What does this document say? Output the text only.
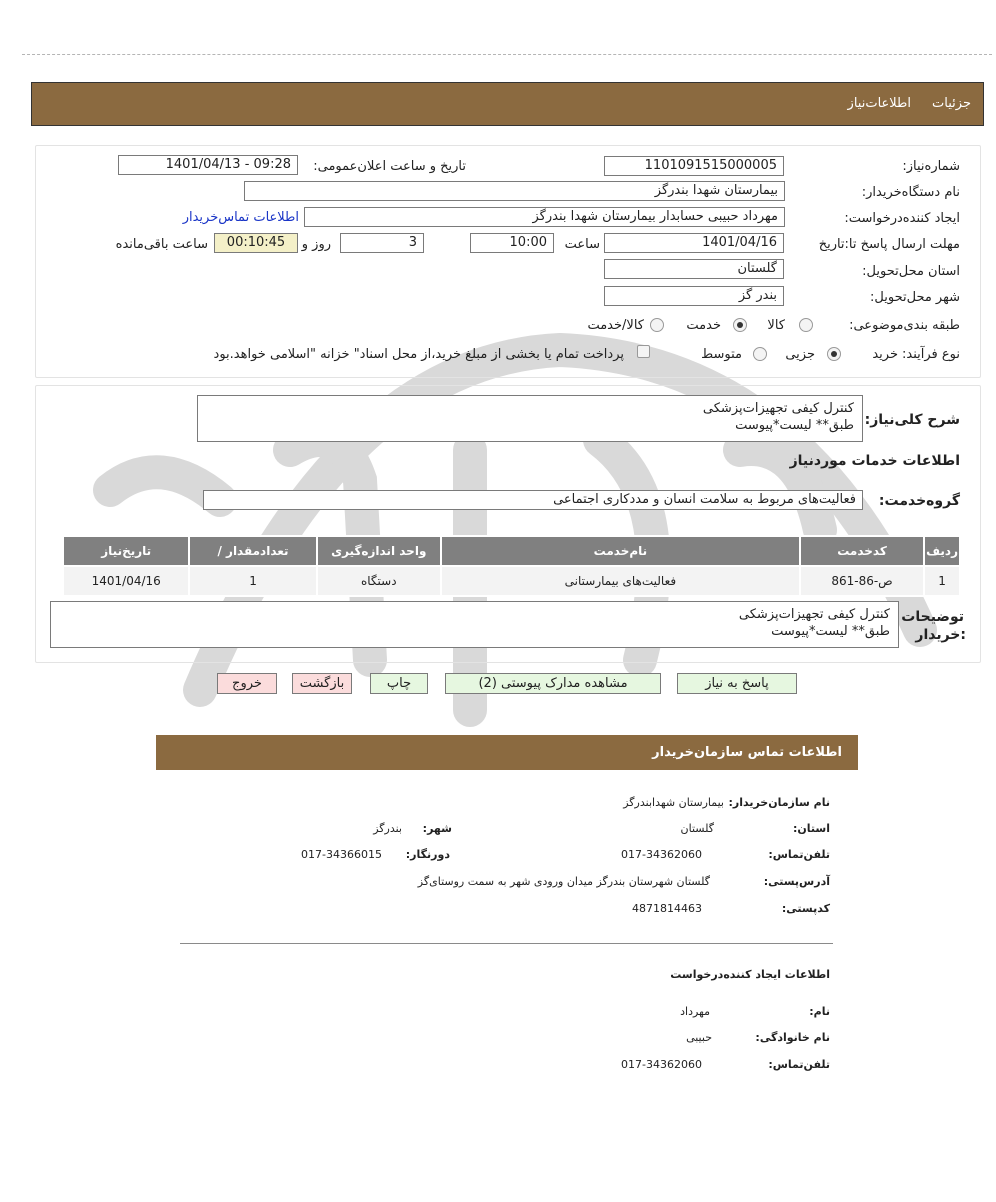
جزئیات
اطلاعات‌نیاز
شماره‌نیاز:
1101091515000005
تاریخ و ساعت اعلان‌عمومی:
1401/04/13 - 09:28
نام دستگاه‌خریدار:
بیمارستان شهدا بندرگز
ایجاد کننده‌درخواست:
مهرداد حبیبی حسابدار بیمارستان شهدا بندرگز
اطلاعات تماس‌خریدار
مهلت ارسال پاسخ تا:تاریخ
1401/04/16
ساعت
10:00
3
روز و
00:10:45
ساعت باقی‌مانده
استان محل‌تحویل:
گلستان
شهر محل‌تحویل:
بندر گز
طبقه بندی‌موضوعی:
کالا
خدمت
کالا/خدمت
نوع فرآیند:
خرید
جزیی
متوسط
پرداخت تمام یا بخشی از مبلغ خرید،از محل اسناد" خزانه "اسلامی خواهد.بود
شرح کلی‌نیاز:
کنترل کیفی تجهیزات‌پزشکی
طبق** لیست*پیوست
اطلاعات خدمات موردنیاز
گروه‌خدمت:
فعالیت‌های مربوط به سلامت انسان و مددکاری اجتماعی
ردیف	کدخدمت	نام‌خدمت	واحد اندازه‌گیری	تعداد‌مقدار /	تاریخ‌نیاز
1	ص-86-861	فعالیت‌های بیمارستانی	دستگاه	1	1401/04/16
توضیحات
:خریدار
کنترل کیفی تجهیزات‌پزشکی
طبق** لیست*پیوست
پاسخ به نیاز
مشاهده مدارک پیوستی (2)
چاپ
بازگشت
خروج
اطلاعات تماس سازمان‌خریدار
نام سازمان‌خریدار:
بیمارستان شهدابندرگز
استان:
گلستان
شهر:
بندرگز
تلفن‌تماس:
017-34362060
دورنگار:
017-34366015
آدرس‌پستی:
گلستان شهرستان بندرگز میدان ورودی شهر به سمت روستای‌گز
کد‌پستی:
4871814463
اطلاعات ایجاد کننده‌درخواست
نام:
مهرداد
نام خانوادگی:
حبیبی
تلفن‌تماس:
017-34362060
